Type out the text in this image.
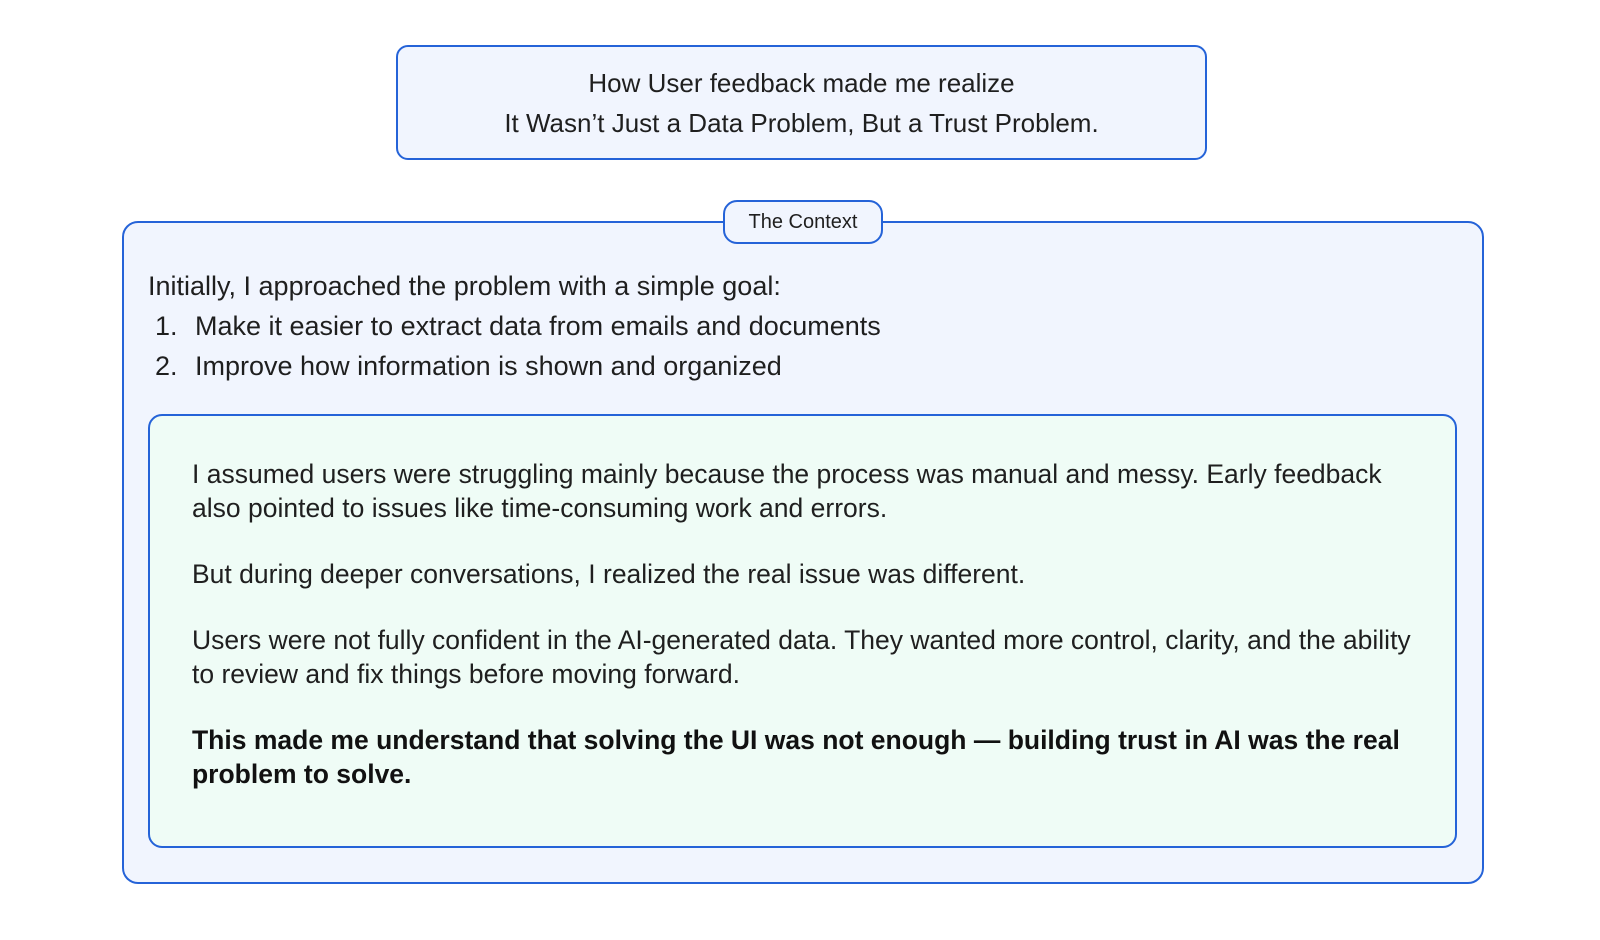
How User feedback made me realize
It Wasn’t Just a Data Problem, But a Trust Problem.
The Context
Initially, I approached the problem with a simple goal:
1. Make it easier to extract data from emails and documents
2. Improve how information is shown and organized

I assumed users were struggling mainly because the process was manual and messy. Early feedback also pointed to issues like time-consuming work and errors.

But during deeper conversations, I realized the real issue was different.

Users were not fully confident in the AI-generated data. They wanted more control, clarity, and the ability to review and fix things before moving forward.

This made me understand that solving the UI was not enough — building trust in AI was the real problem to solve.
